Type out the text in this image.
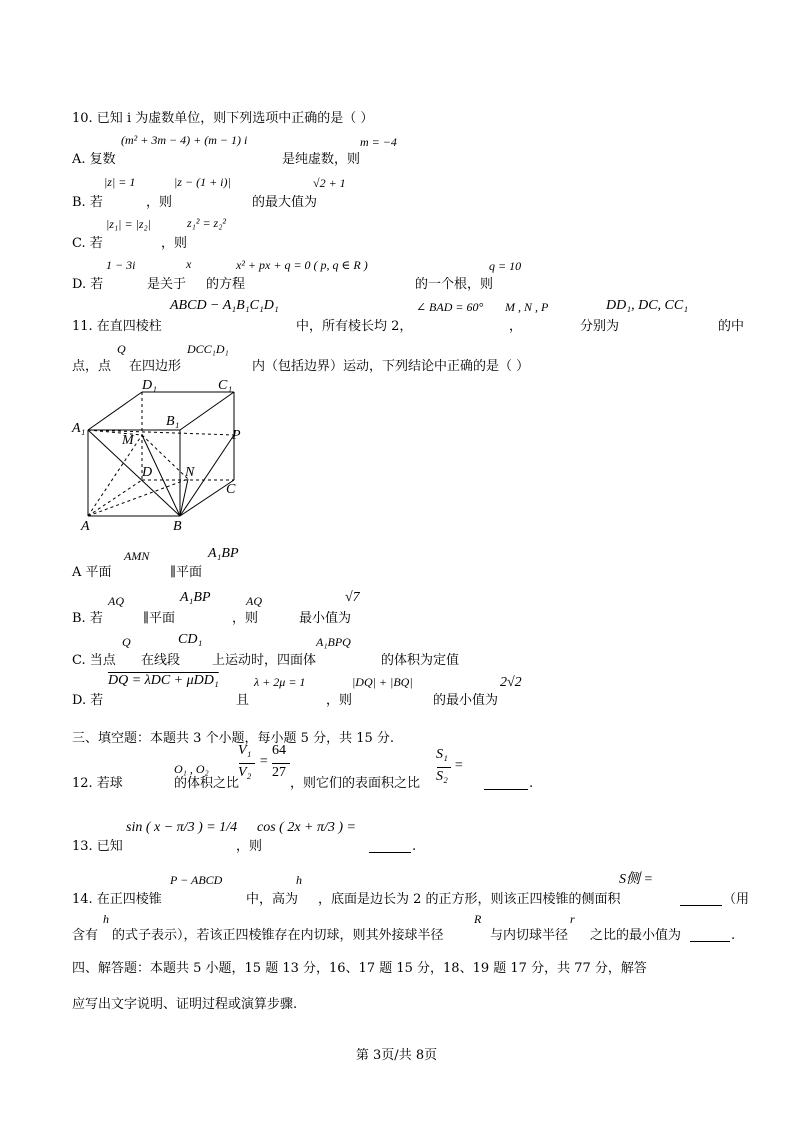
10. 已知 i 为虚数单位，则下列选项中正确的是（ ）
(m² + 3m − 4) + (m − 1) i	m = −4
A. 复数	是纯虚数，则
|z| = 1	|z − (1 + i)|	√2 + 1
B. 若	，则	的最大值为
|z₁| = |z₂|	z₁² = z₂²
C. 若	，则
1 − 3i	x	x² + px + q = 0 ( p, q ∈ R )	q = 10
D. 若	是关于 的方程	的一个根，则
ABCD − A₁B₁C₁D₁	∠ BAD = 60° M , N , P	DD₁, DC, CC₁
11. 在直四棱柱	中，所有棱长均 2，	，	分别为	的中
Q	DCC₁D₁
点，点 在四边形	内（包括边界）运动，下列结论中正确的是（ ）
D₁	C₁
B₁
A₁
M	P
D N
C
A	B
AMN	A₁BP
A 平面	∥平面
AQ	A₁BP	AQ	√7
B. 若	∥平面	，则	最小值为
Q	CD₁	A₁BPQ
C. 当点 在线段 上运动时，四面体	的体积为定值
DQ = λDC + μDD₁	λ + 2μ = 1	|DQ| + |BQ|	2√2
D. 若	且	，则	的最小值为
三、填空题：本题共 3 个小题，每小题 5 分，共 15 分.
O₁ , O₂
V₁
V₂
=
64
27
S₁
S₂
=
12. 若球	的体积之比	，则它们的表面积之比	.
sin ( x − π/3 ) = 1/4 cos ( 2x + π/3 ) =
13. 已知	，则	.
P − ABCD	h	S侧 =
14. 在正四棱锥	中，高为 ，底面是边长为 2 的正方形，则该正四棱锥的侧面积	（用
h	R	r
含有 的式子表示），若该正四棱锥存在内切球，则其外接球半径	与内切球半径 之比的最小值为	.
四、解答题：本题共 5 小题，15 题 13 分，16、17 题 15 分，18、19 题 17 分，共 77 分，解答
应写出文字说明、证明过程或演算步骤.
第 3页/共 8页
